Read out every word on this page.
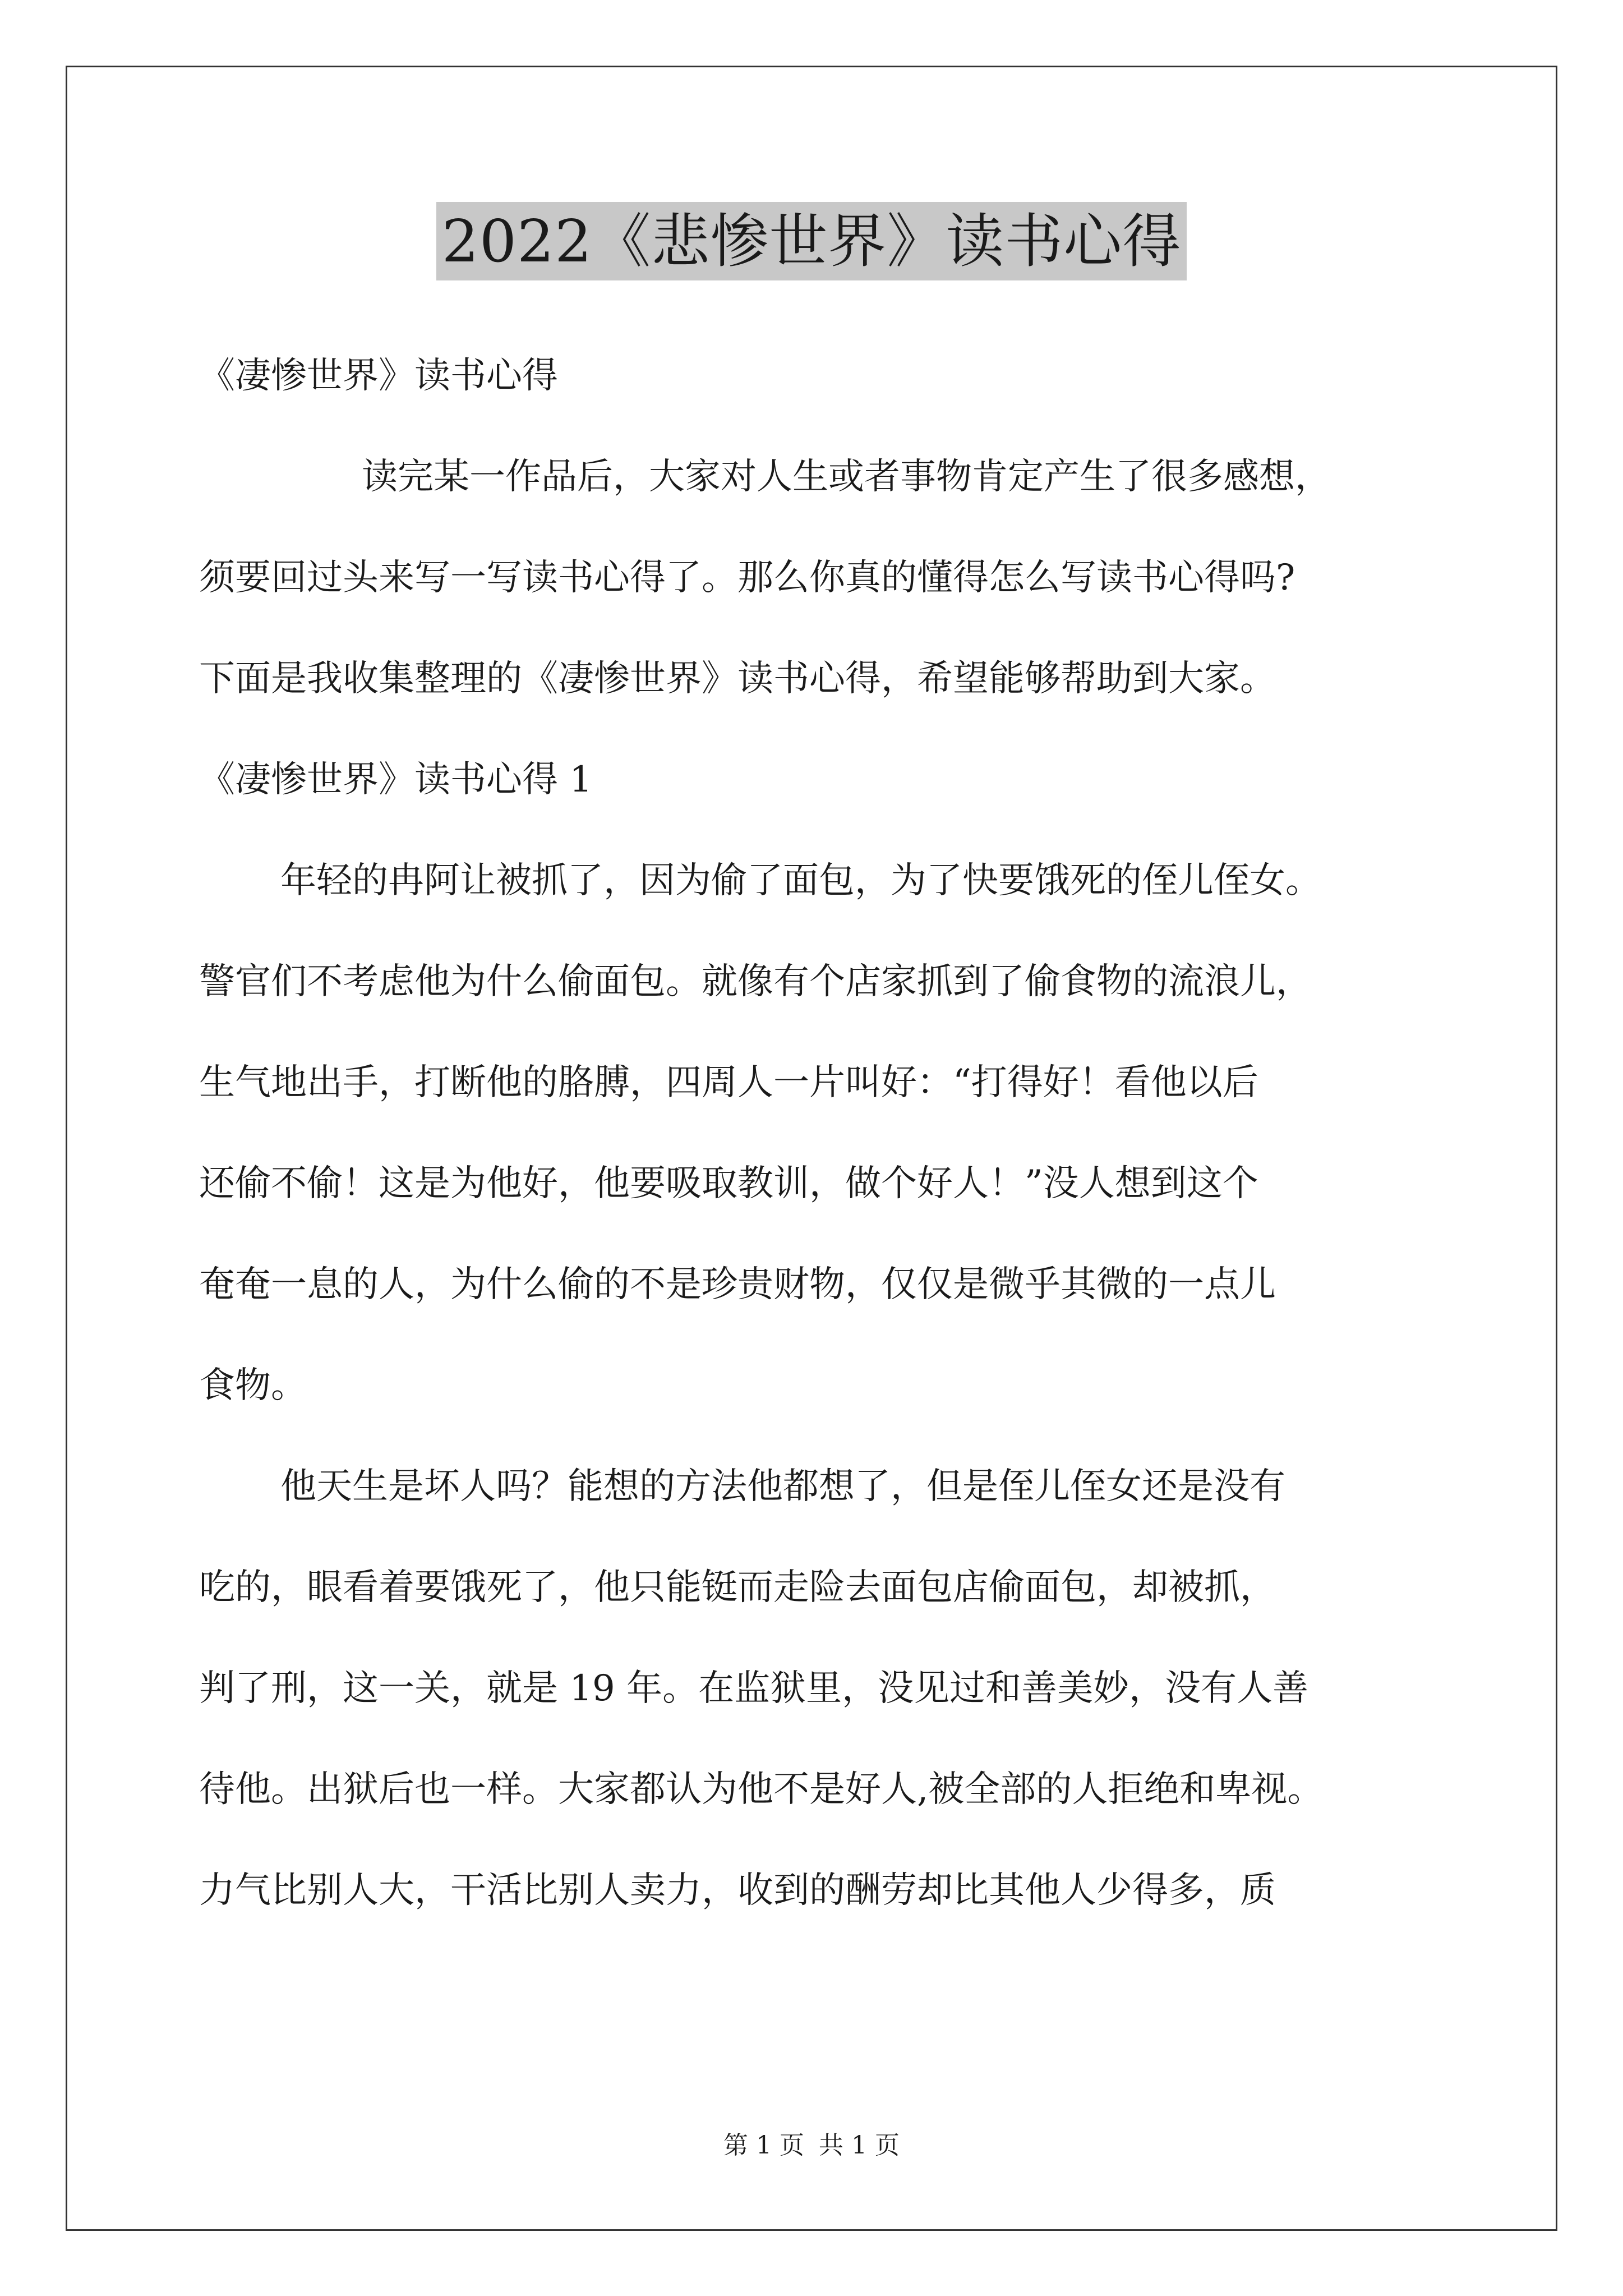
2022《悲惨世界》读书心得
《凄惨世界》读书心得
读完某一作品后，大家对人生或者事物肯定产生了很多感想，
须要回过头来写一写读书心得了。那么你真的懂得怎么写读书心得吗?
下面是我收集整理的《凄惨世界》读书心得，希望能够帮助到大家。
《凄惨世界》读书心得 1
年轻的冉阿让被抓了，因为偷了面包，为了快要饿死的侄儿侄女。
警官们不考虑他为什么偷面包。就像有个店家抓到了偷食物的流浪儿，
生气地出手，打断他的胳膊，四周人一片叫好：“打得好！看他以后
还偷不偷！这是为他好，他要吸取教训，做个好人！”没人想到这个
奄奄一息的人，为什么偷的不是珍贵财物，仅仅是微乎其微的一点儿
食物。
他天生是坏人吗？能想的方法他都想了，但是侄儿侄女还是没有
吃的，眼看着要饿死了，他只能铤而走险去面包店偷面包，却被抓，
判了刑，这一关，就是 19 年。在监狱里，没见过和善美妙，没有人善
待他。出狱后也一样。大家都认为他不是好人,被全部的人拒绝和卑视。
力气比别人大，干活比别人卖力，收到的酬劳却比其他人少得多，质
第 1 页 共 1 页
